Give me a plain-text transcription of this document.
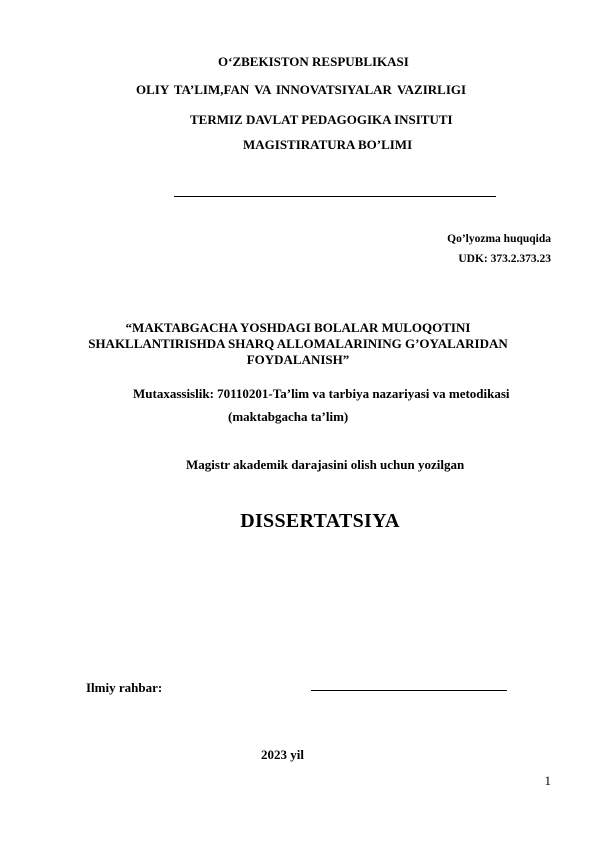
O‘ZBEKISTON RESPUBLIKASI
OLIY TA’LIM,FAN VA INNOVATSIYALAR VAZIRLIGI
TERMIZ DAVLAT PEDAGOGIKA INSITUTI
MAGISTIRATURA BO’LIMI
Qo’lyozma huquqida
UDK: 373.2.373.23
“MAKTABGACHA YOSHDAGI BOLALAR MULOQOTINI
SHAKLLANTIRISHDA SHARQ ALLOMALARINING G’OYALARIDAN
FOYDALANISH”
Mutaxassislik: 70110201-Ta’lim va tarbiya nazariyasi va metodikasi
(maktabgacha ta’lim)
Magistr akademik darajasini olish uchun yozilgan
DISSERTATSIYA
Ilmiy rahbar:
2023 yil
1
